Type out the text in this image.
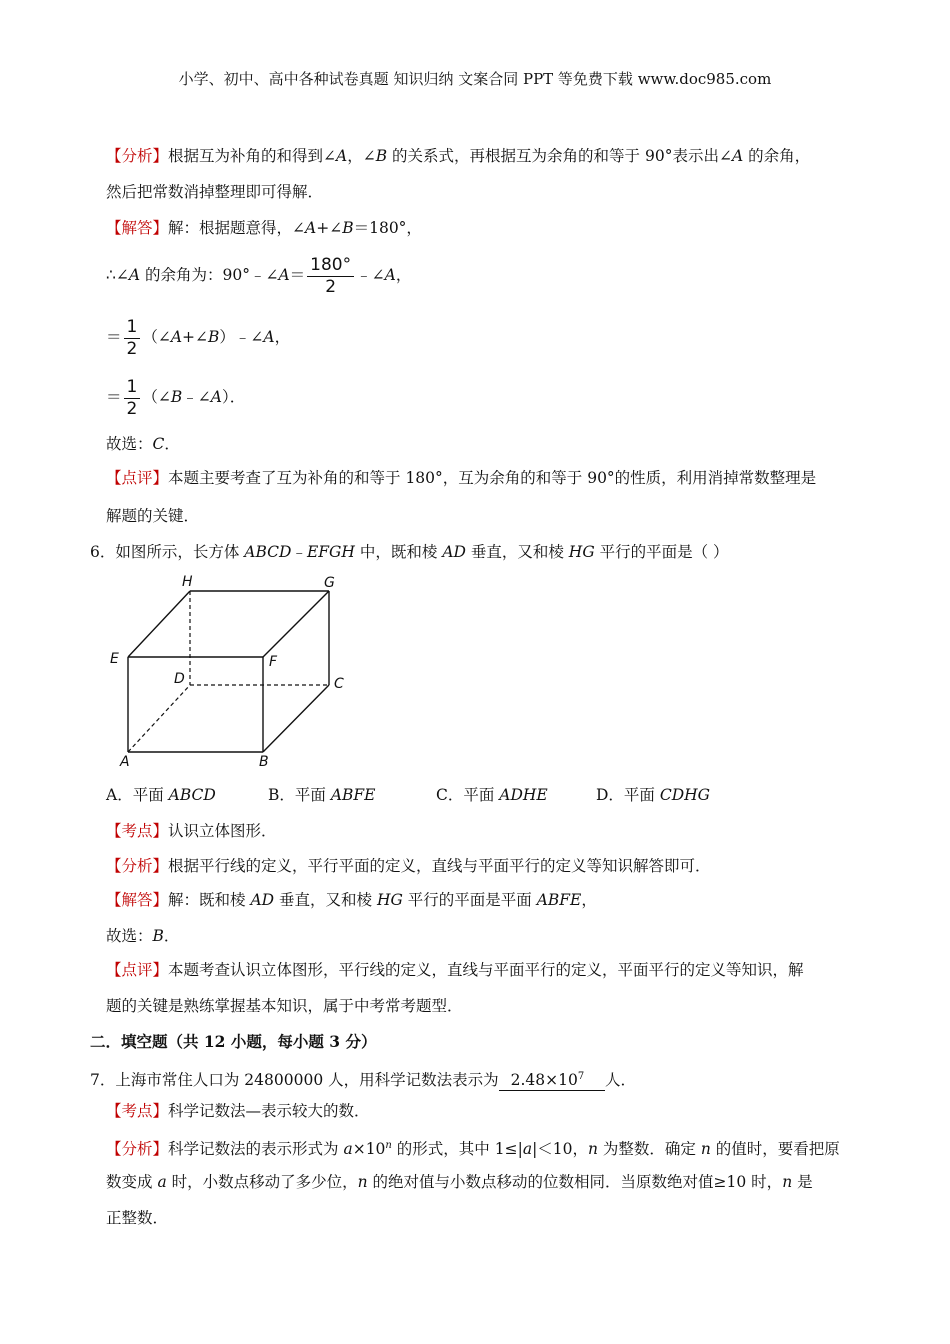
小学、初中、高中各种试卷真题 知识归纳 文案合同 PPT 等免费下载 www.doc985.com
【分析】根据互为补角的和得到∠A，∠B 的关系式，再根据互为余角的和等于 90°表示出∠A 的余角，
然后把常数消掉整理即可得解．
【解答】解：根据题意得，∠A+∠B＝180°，
∴∠A 的余角为：90°﹣∠A＝ $\frac{180^\circ}{2}$ ﹣∠A，
＝ $\frac{1}{2}$ （∠A+∠B）﹣∠A，
＝ $\frac{1}{2}$ （∠B﹣∠A）．
故选：C．
【点评】本题主要考查了互为补角的和等于 180°，互为余角的和等于 90°的性质，利用消掉常数整理是
解题的关键．
6．如图所示，长方体 ABCD﹣EFGH 中，既和棱 AD 垂直，又和棱 HG 平行的平面是（ ）
H	G
E	F
D	C
A	B
A．平面 ABCD	B．平面 ABFE	C．平面 ADHE	D．平面 CDHG
【考点】认识立体图形．
【分析】根据平行线的定义，平行平面的定义，直线与平面平行的定义等知识解答即可．
【解答】解：既和棱 AD 垂直，又和棱 HG 平行的平面是平面 ABFE，
故选：B．
【点评】本题考查认识立体图形，平行线的定义，直线与平面平行的定义，平面平行的定义等知识，解
题的关键是熟练掌握基本知识，属于中考常考题型．
二．填空题（共 12 小题，每小题 3 分）
7．上海市常住人口为 24800000 人，用科学记数法表示为 $2.48\times 10^7$ 人．
【考点】科学记数法—表示较大的数．
【分析】科学记数法的表示形式为 $a\times 10^n$ 的形式，其中 1≤|a|＜10，n 为整数．确定 n 的值时，要看把原
数变成 a 时，小数点移动了多少位，n 的绝对值与小数点移动的位数相同．当原数绝对值≥10 时，n 是
正整数．
